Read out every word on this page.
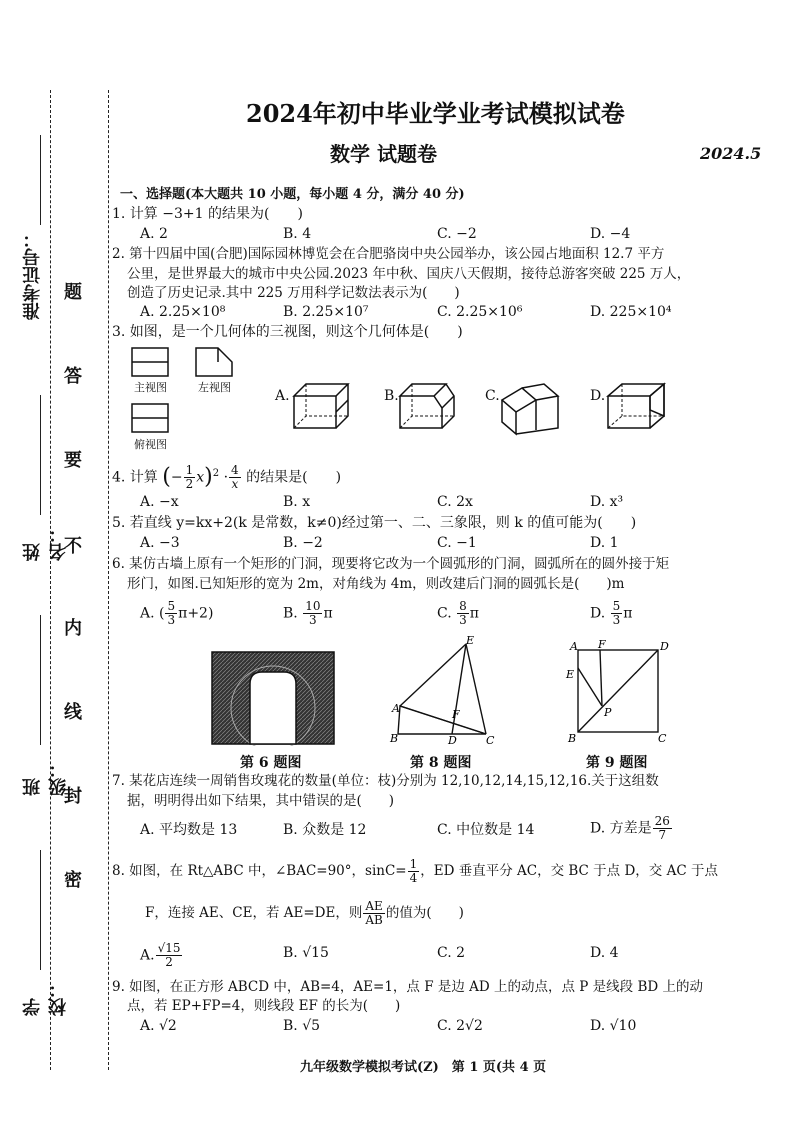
准考证号：
姓名：
班级：
学校：
题
答
要
不
内
线
封
密
2024年初中毕业学业考试模拟试卷
数学 试题卷	2024.5
一、选择题(本大题共 10 小题，每小题 4 分，满分 40 分)
1. 计算 −3+1 的结果为(　　)
A. 2	B. 4	C. −2	D. −4
2. 第十四届中国(合肥)国际园林博览会在合肥骆岗中央公园举办，该公园占地面积 12.7 平方
公里，是世界最大的城市中央公园.2023 年中秋、国庆八天假期，接待总游客突破 225 万人，
创造了历史记录.其中 225 万用科学记数法表示为(　　)
A. 2.25×10⁸	B. 2.25×10⁷	C. 2.25×10⁶	D. 225×10⁴
3. 如图，是一个几何体的三视图，则这个几何体是(　　)
主视图	左视图
俯视图
A.	B.	C.	D.
4. 计算 (− $\frac{1}{2} x)^2 \cdot \frac{4}{x}$ 的结果是(　　)
A. −x	B. x	C. 2x	D. x³
5. 若直线 y=kx+2(k 是常数，k≠0)经过第一、二、三象限，则 k 的值可能为(　　)
A. −3	B. −2	C. −1	D. 1
6. 某仿古墙上原有一个矩形的门洞，现要将它改为一个圆弧形的门洞，圆弧所在的圆外接于矩
形门，如图.已知矩形的宽为 2m，对角线为 4m，则改建后门洞的圆弧长是(　　)m
A. ( $\frac{5}{3} \pi+2$)	B. $\frac{10}{3}$ π	C. $\frac{8}{3}$ π	D. $\frac{5}{3}$ π
第 6 题图
E
A	F
B	D	C
第 8 题图
A F	D
E
P
B	C
第 9 题图
7. 某花店连续一周销售玫瑰花的数量(单位：枝)分别为 12,10,12,14,15,12,16.关于这组数
据，明明得出如下结果，其中错误的是(　　)
A. 平均数是 13	B. 众数是 12	C. 中位数是 14	D. 方差是 $\frac{26}{7}$
8. 如图，在 Rt△ABC 中，∠BAC=90°，$\sin C= \frac{1}{4}$ ，ED 垂直平分 AC，交 BC 于点 D，交 AC 于点
F，连接 AE、CE，若 AE=DE，则 $\frac{AE}{AB}$ 的值为(　　)
A. $\frac{√15}{2}$	B. √15	C. 2	D. 4
9. 如图，在正方形 ABCD 中，AB=4，AE=1，点 F 是边 AD 上的动点，点 P 是线段 BD 上的动
点，若 EP+FP=4，则线段 EF 的长为(　　)
A. √2	B. √5	C. 2√2	D. √10
九年级数学模拟考试(Z)　第 1 页(共 4 页
